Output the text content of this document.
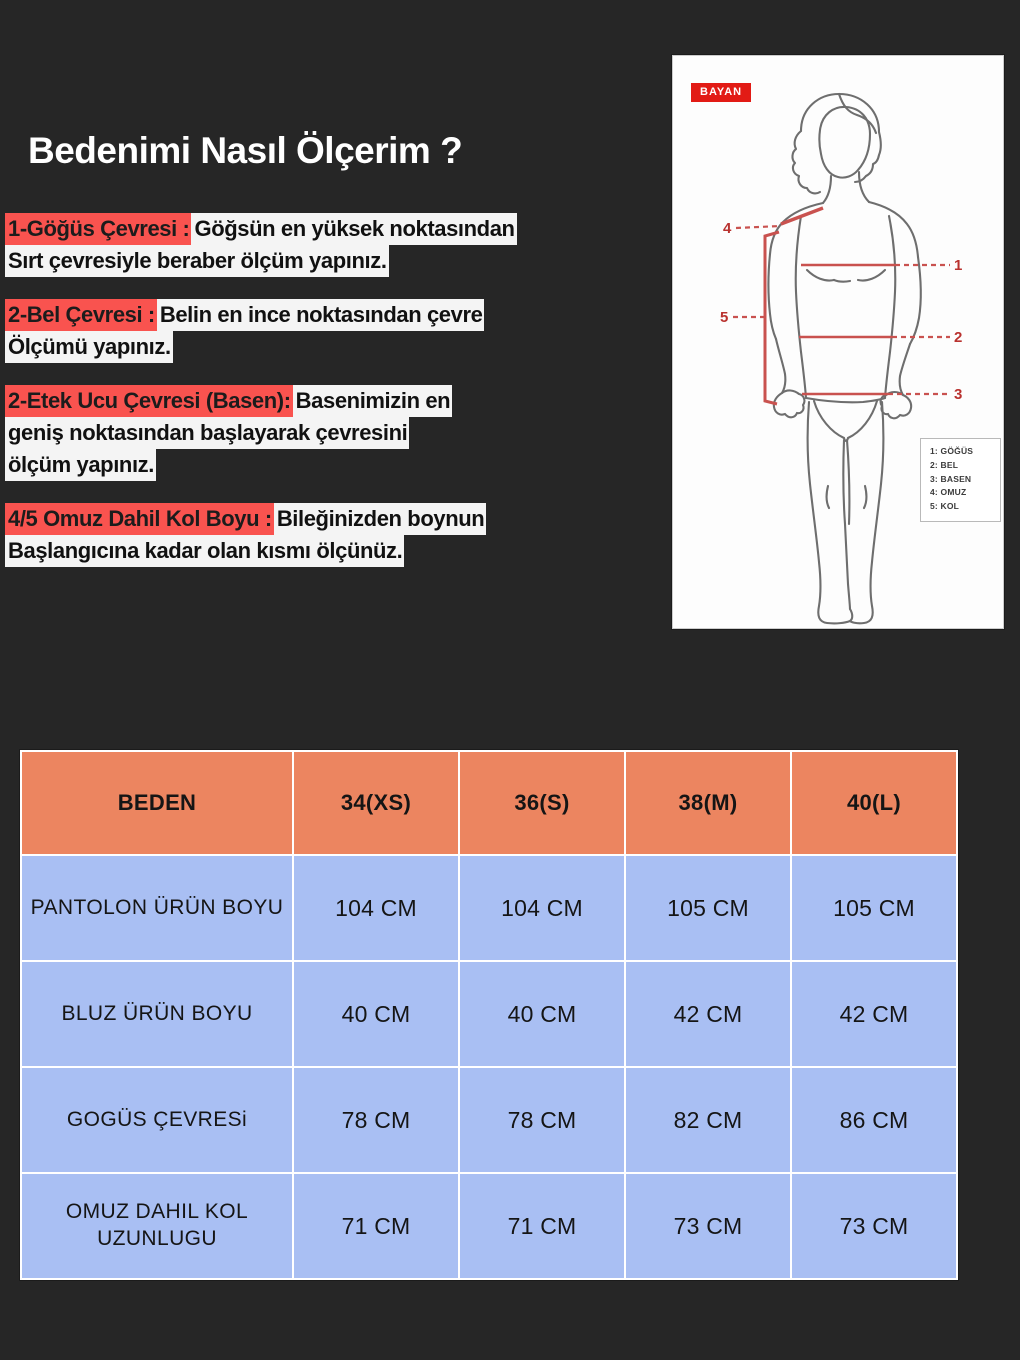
Bedenimi Nasıl Ölçerim ?
1-Göğüs Çevresi : Göğsün en yüksek noktasından
Sırt çevresiyle beraber ölçüm yapınız.
2-Bel Çevresi : Belin en ince noktasından çevre
Ölçümü yapınız.
2-Etek Ucu Çevresi (Basen): Basenimizin en
geniş noktasından başlayarak çevresini
ölçüm yapınız.
4/5 Omuz Dahil Kol Boyu : Bileğinizden boynun
Başlangıcına kadar olan kısmı ölçünüz.
BAYAN
1
2
3
4
5
1: GÖĞÜS
2: BEL
3: BASEN
4: OMUZ
5: KOL
BEDEN	34(XS)	36(S)	38(M)	40(L)
PANTOLON ÜRÜN BOYU	104 CM	104 CM	105 CM	105 CM
BLUZ ÜRÜN BOYU	40 CM	40 CM	42 CM	42 CM
GOGÜS ÇEVRESi	78 CM	78 CM	82 CM	86 CM
OMUZ DAHIL KOL UZUNLUGU	71 CM	71 CM	73 CM	73 CM
